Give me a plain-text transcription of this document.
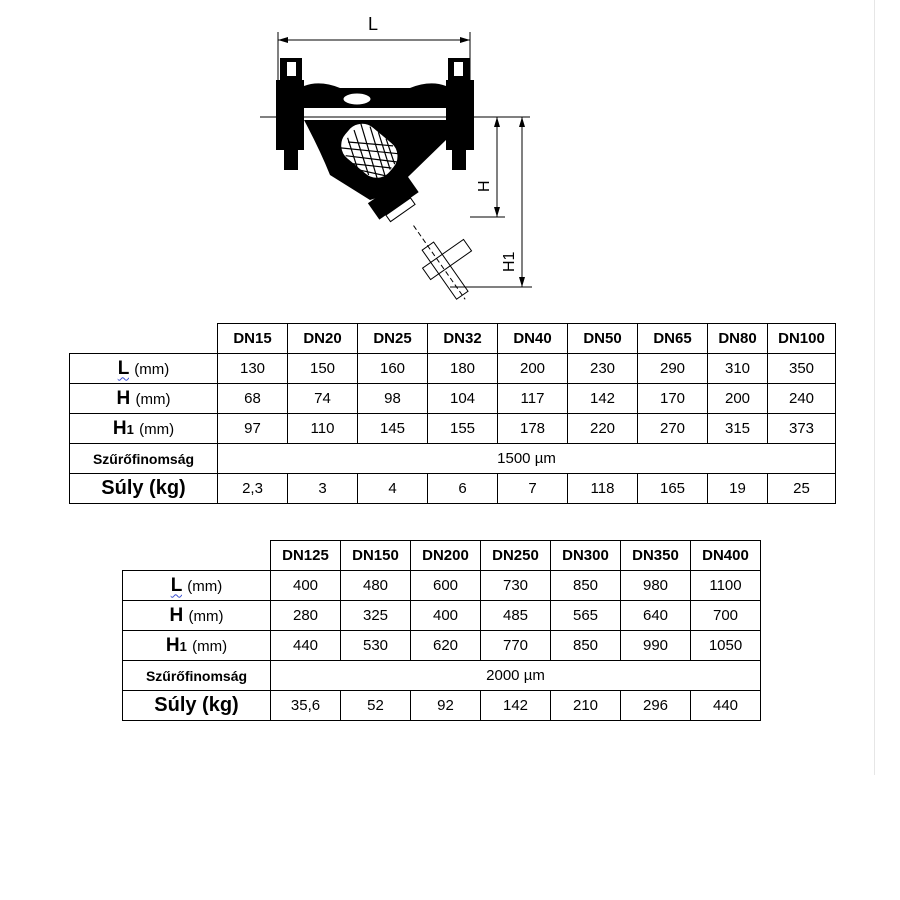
L
H
H1
	DN15	DN20	DN25	DN32	DN40	DN50	DN65	DN80	DN100
L (mm)	130	150	160	180	200	230	290	310	350
H (mm)	68	74	98	104	117	142	170	200	240
H1 (mm)	97	110	145	155	178	220	270	315	373
Szűrőfinomság	1500 µm								
Súly (kg)	2,3	3	4	6	7	118	165	19	25
	DN125	DN150	DN200	DN250	DN300	DN350	DN400
L (mm)	400	480	600	730	850	980	1100
H (mm)	280	325	400	485	565	640	700
H1 (mm)	440	530	620	770	850	990	1050
Szűrőfinomság	2000 µm						
Súly (kg)	35,6	52	92	142	210	296	440
